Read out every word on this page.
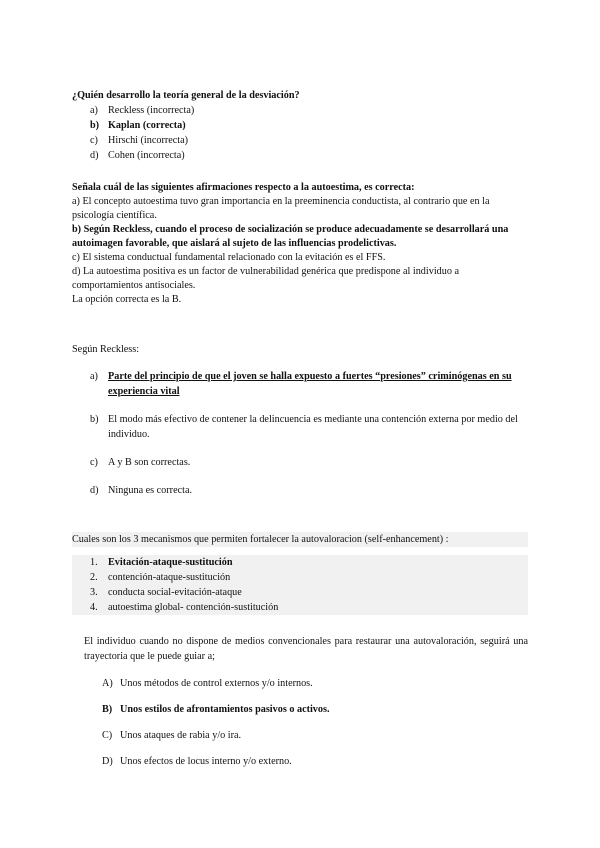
¿Quién desarrollo la teoría general de la desviación?

a) Reckless (incorrecta)
b) Kaplan (correcta)
c) Hirschi (incorrecta)
d) Cohen (incorrecta)

Señala cuál de las siguientes afirmaciones respecto a la autoestima, es correcta:

a) El concepto autoestima tuvo gran importancia en la preeminencia conductista, al contrario que en la psicología científica.

b) Según Reckless, cuando el proceso de socialización se produce adecuadamente se desarrollará una autoimagen favorable, que aislará al sujeto de las influencias prodelictivas.

c) El sistema conductual fundamental relacionado con la evitación es el FFS.

d) La autoestima positiva es un factor de vulnerabilidad genérica que predispone al individuo a comportamientos antisociales.

La opción correcta es la B.

Según Reckless:

a) Parte del principio de que el joven se halla expuesto a fuertes “presiones” criminógenas en su experiencia vital
b) El modo más efectivo de contener la delincuencia es mediante una contención externa por medio del individuo.
c) A y B son correctas.
d) Ninguna es correcta.

Cuales son los 3 mecanismos que permiten fortalecer la autovaloracion (self-enhancement) :

1.	Evitación-ataque-sustitución
2.	contención-ataque-sustitución
3.	conducta social-evitación-ataque
4.	autoestima global- contención-sustitución

El individuo cuando no dispone de medios convencionales para restaurar una autovaloración, seguirá una trayectoria que le puede guiar a;

A) Unos métodos de control externos y/o internos.
B) Unos estilos de afrontamientos pasivos o activos.
C) Unos ataques de rabia y/o ira.
D) Unos efectos de locus interno y/o externo.
